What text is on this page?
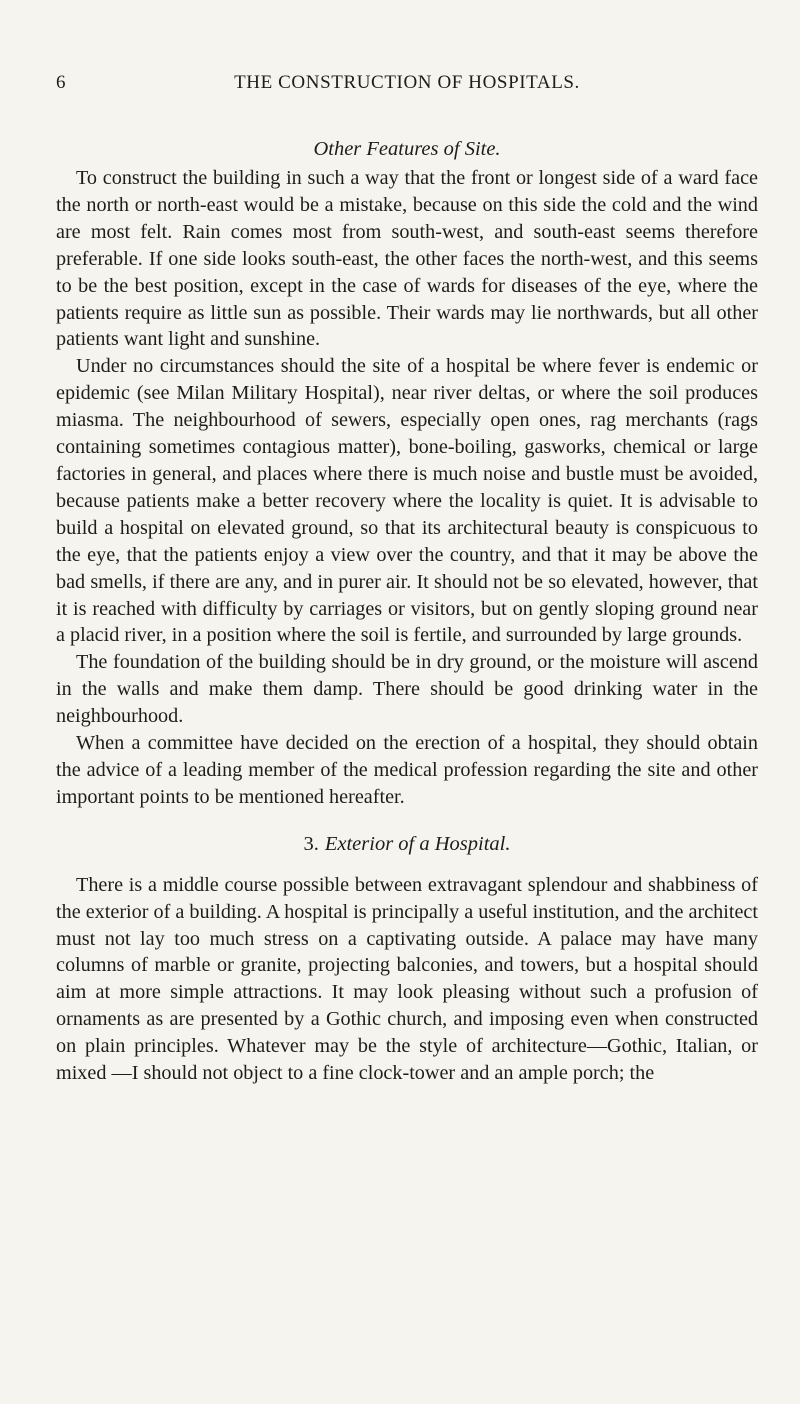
6	THE CONSTRUCTION OF HOSPITALS.
Other Features of Site.

To construct the building in such a way that the front or longest side of a ward face the north or north-east would be a mistake, because on this side the cold and the wind are most felt. Rain comes most from south-west, and south-east seems therefore preferable. If one side looks south-east, the other faces the north-west, and this seems to be the best position, except in the case of wards for diseases of the eye, where the patients require as little sun as possible. Their wards may lie northwards, but all other patients want light and sunshine.

Under no circumstances should the site of a hospital be where fever is endemic or epidemic (see Milan Military Hospital), near river deltas, or where the soil produces miasma. The neighbourhood of sewers, especially open ones, rag merchants (rags containing sometimes contagious matter), bone-boiling, gasworks, chemical or large factories in general, and places where there is much noise and bustle must be avoided, because patients make a better recovery where the locality is quiet. It is advisable to build a hospital on elevated ground, so that its architectural beauty is conspicuous to the eye, that the patients enjoy a view over the country, and that it may be above the bad smells, if there are any, and in purer air. It should not be so elevated, however, that it is reached with difficulty by carriages or visitors, but on gently sloping ground near a placid river, in a position where the soil is fertile, and surrounded by large grounds.

The foundation of the building should be in dry ground, or the moisture will ascend in the walls and make them damp. There should be good drinking water in the neighbourhood.

When a committee have decided on the erection of a hospital, they should obtain the advice of a leading member of the medical profession regarding the site and other important points to be mentioned hereafter.

3. Exterior of a Hospital.

There is a middle course possible between extravagant splendour and shabbiness of the exterior of a building. A hospital is principally a useful institution, and the architect must not lay too much stress on a captivating outside. A palace may have many columns of marble or granite, projecting balconies, and towers, but a hospital should aim at more simple attractions. It may look pleasing without such a profusion of ornaments as are presented by a Gothic church, and imposing even when constructed on plain principles. Whatever may be the style of architecture—Gothic, Italian, or mixed —I should not object to a fine clock-tower and an ample porch; the
